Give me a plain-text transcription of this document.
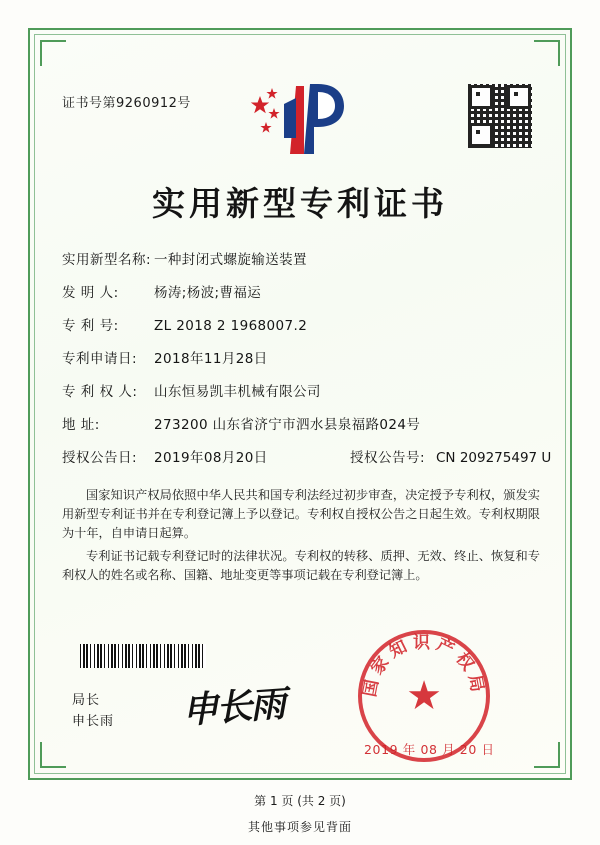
证书号第9260912号
实用新型专利证书
实用新型名称: 一种封闭式螺旋输送装置
发 明 人:	杨涛;杨波;曹福运
专 利 号:	ZL 2018 2 1968007.2
专利申请日:	2018年11月28日
专 利 权 人:	山东恒易凯丰机械有限公司
地 址:	273200 山东省济宁市泗水县泉福路024号
授权公告日:	2019年08月20日	授权公告号: CN 209275497 U

国家知识产权局依照中华人民共和国专利法经过初步审查，决定授予专利权，颁发实用新型专利证书并在专利登记簿上予以登记。专利权自授权公告之日起生效。专利权期限为十年，自申请日起算。

专利证书记载专利登记时的法律状况。专利权的转移、质押、无效、终止、恢复和专利权人的姓名或名称、国籍、地址变更等事项记载在专利登记簿上。

局长
申长雨 申长雨	★
国家知识产权局
2019 年 08 月 20 日
第 1 页 (共 2 页)
其他事项参见背面
